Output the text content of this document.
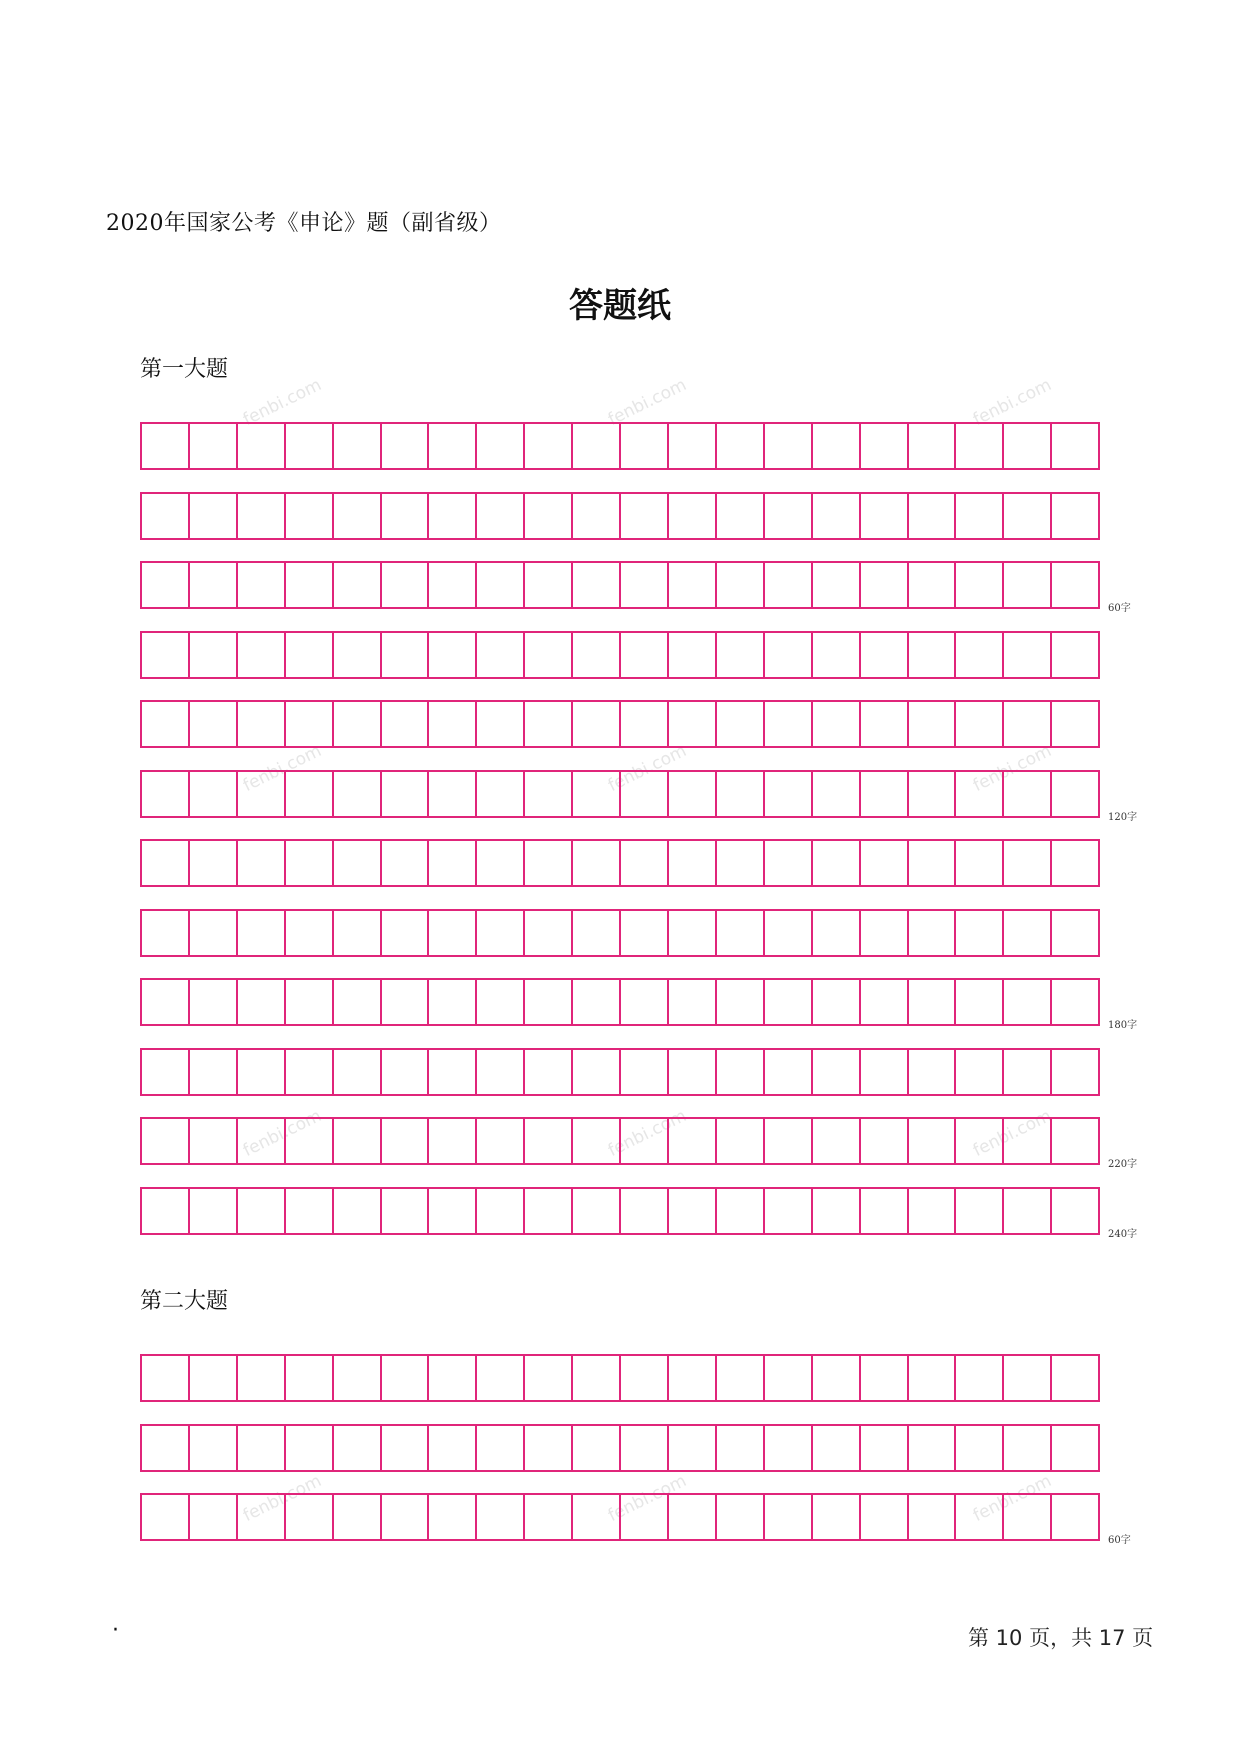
2020年国家公考《申论》题（副省级）
答题纸
fenbi.com	fenbi.com	fenbi.com
fenbi.com	fenbi.com	fenbi.com
fenbi.com	fenbi.com	fenbi.com
fenbi.com	fenbi.com	fenbi.com
第一大题
60字
120字
180字
220字
240字
第二大题
60字
·	第 10 页，共 17 页
